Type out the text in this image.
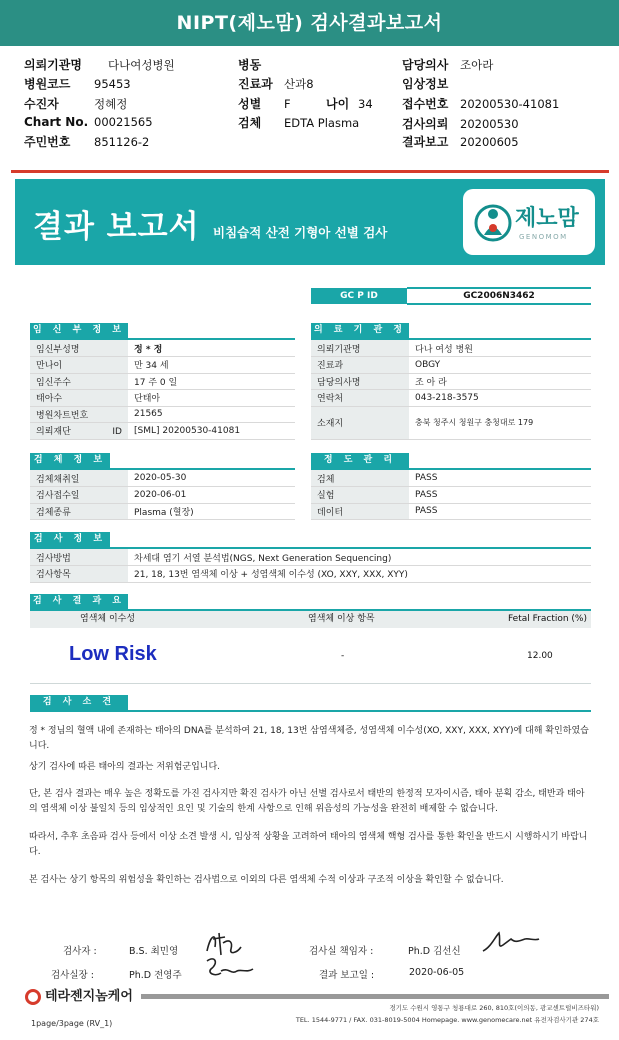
NIPT(제노맘) 검사결과보고서
의뢰기관명 다나여성병원
병원코드 95453
수진자	정혜정
Chart No. 00021565
주민번호 851126-2
병동
진료과 산과8
성별 F	나이 34
검체 EDTA Plasma
담당의사 조아라
임상정보
접수번호 20200530-41081
검사의뢰 20200530
결과보고 20200605
결과 보고서 비침습적 산전 기형아 선별 검사
제노맘
GENOMOM
GC P ID	GC2006N3462
임 신 부 정 보
임신부성명	정 * 정
만나이	만 34 세
임신주수	17 주 0 일
태아수	단태아
병원차트번호	21565
의뢰재단 ID	[SML] 20200530-41081
의 료 기 관 정
의뢰기관명	다나 여성 병원
진료과	OBGY
담당의사명	조 아 라
연락처	043-218-3575
소재지	충북 청주시 청원구 충청대로 179
검 체 정 보
검체채취일	2020-05-30
검사접수일	2020-06-01
검체종류	Plasma (혈장)
정 도 관 리
검체	PASS
실험	PASS
데이터	PASS
검 사 정 보
검사방법	차세대 염기 서열 분석법(NGS, Next Generation Sequencing)
검사항목	21, 18, 13번 염색체 이상 + 성염색체 이수성 (XO, XXY, XXX, XYY)
검 사 결 과 요
염색체 이수성	염색체 이상 항목	Fetal Fraction (%)
Low Risk	-	12.00
검 사 소 견
정 * 정님의 혈액 내에 존재하는 태아의 DNA를 분석하여 21, 18, 13번 삼염색체증, 성염색체 이수성(XO, XXY, XXX, XYY)에 대해 확인하였습니다.
상기 검사에 따른 태아의 결과는 저위험군입니다.
단, 본 검사 결과는 매우 높은 정확도를 가진 검사지만 확진 검사가 아닌 선별 검사로서 태반의 한정적 모자이시즘, 태아 분획 감소, 태반과 태아의 염색체 이상 불일치 등의 임상적인 요인 및 기술의 한계 사항으로 인해 위음성의 가능성을 완전히 배제할 수 없습니다.
따라서, 추후 초음파 검사 등에서 이상 소견 발생 시, 임상적 상황을 고려하여 태아의 염색체 핵형 검사를 통한 확인을 반드시 시행하시기 바랍니다.
본 검사는 상기 항목의 위험성을 확인하는 검사법으로 이외의 다른 염색체 수적 이상과 구조적 이상을 확인할 수 없습니다.
검사자 :	B.S. 최민영	검사실 책임자 :	Ph.D 김선신
검사실장 :	Ph.D 전영주	결과 보고일 :	2020-06-05
테라젠지놈케어
경기도 수원시 영통구 청룡대로 260, 810호(이의동, 광교센트럴비즈타워)
TEL. 1544-9771 / FAX. 031-8019-5004 Homepage. www.genomecare.net 유전자검사기관 274호
1page/3page (RV_1)
